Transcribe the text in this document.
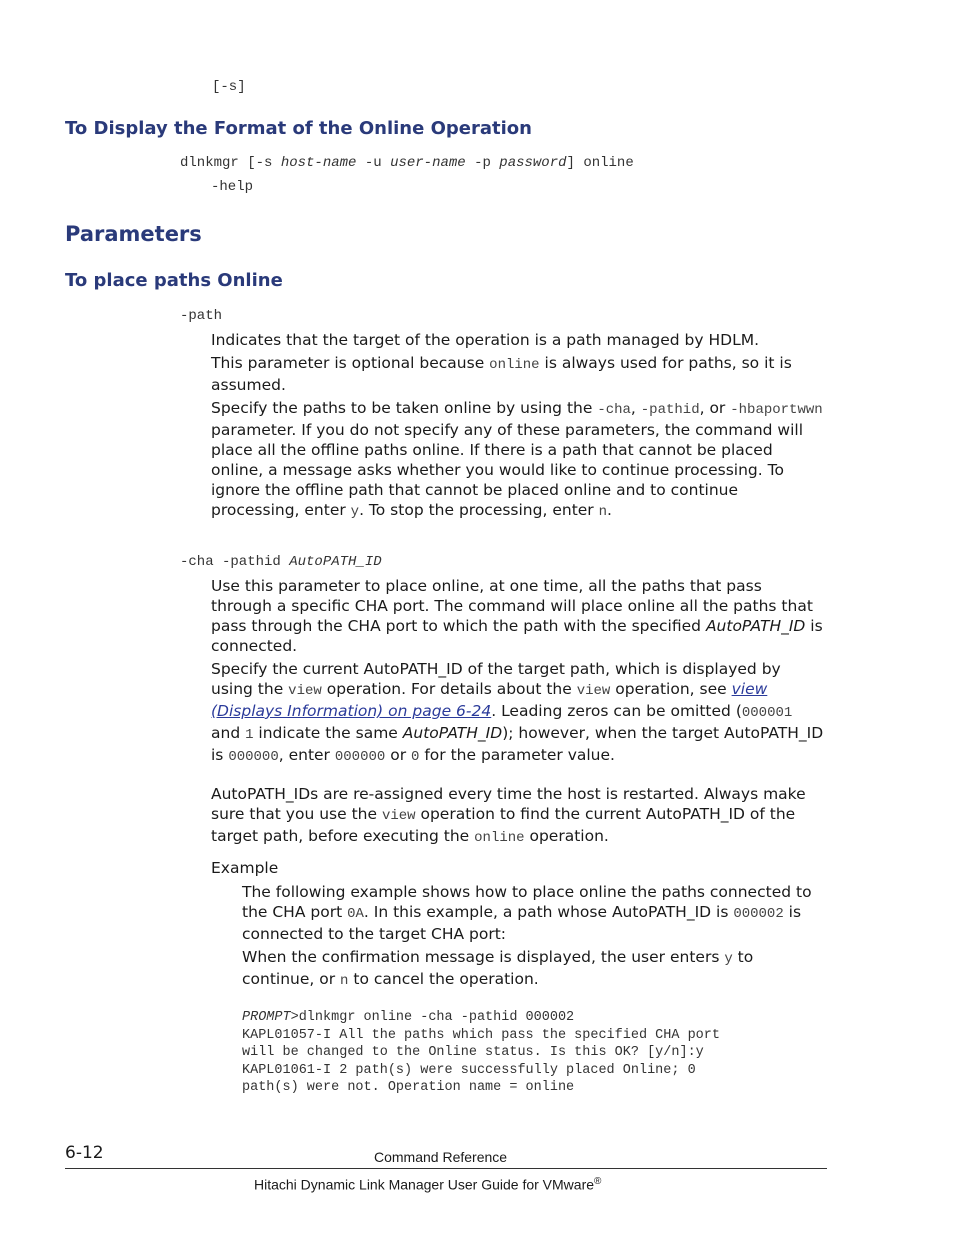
[-s]
To Display the Format of the Online Operation
dlnkmgr [-s host-name -u user-name -p password] online
-help
Parameters
To place paths Online
-path
Indicates that the target of the operation is a path managed by HDLM.
This parameter is optional because online is always used for paths, so it is assumed.
Specify the paths to be taken online by using the -cha, -pathid, or -hbaportwwn parameter. If you do not specify any of these parameters, the command will place all the offline paths online. If there is a path that cannot be placed online, a message asks whether you would like to continue processing. To ignore the offline path that cannot be placed online and to continue processing, enter y. To stop the processing, enter n.
-cha -pathid AutoPATH_ID
Use this parameter to place online, at one time, all the paths that pass through a specific CHA port. The command will place online all the paths that pass through the CHA port to which the path with the specified AutoPATH_ID is connected.
Specify the current AutoPATH_ID of the target path, which is displayed by using the view operation. For details about the view operation, see view (Displays Information) on page 6-24. Leading zeros can be omitted (000001 and 1 indicate the same AutoPATH_ID); however, when the target AutoPATH_ID is 000000, enter 000000 or 0 for the parameter value.
AutoPATH_IDs are re-assigned every time the host is restarted. Always make sure that you use the view operation to find the current AutoPATH_ID of the target path, before executing the online operation.
Example
The following example shows how to place online the paths connected to the CHA port 0A. In this example, a path whose AutoPATH_ID is 000002 is connected to the target CHA port:
When the confirmation message is displayed, the user enters y to continue, or n to cancel the operation.
PROMPT>dlnkmgr online -cha -pathid 000002
KAPL01057-I All the paths which pass the specified CHA port
will be changed to the Online status. Is this OK? [y/n]:y
KAPL01061-I 2 path(s) were successfully placed Online; 0
path(s) were not. Operation name = online
6-12	Command Reference
Hitachi Dynamic Link Manager User Guide for VMware®
